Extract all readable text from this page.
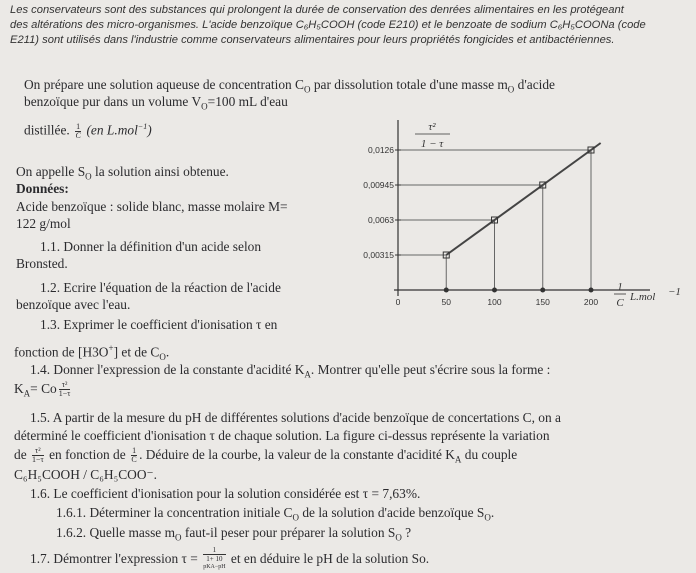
Les conservateurs sont des substances qui prolongent la durée de conservation des denrées alimentaires en les protégeant

des altérations des micro-organismes. L'acide benzoïque C₆H₅COOH (code E210) et le benzoate de sodium C₆H₅COONa (code

E211) sont utilisés dans l'industrie comme conservateurs alimentaires pour leurs propriétés fongicides et antibactériennes.

On prépare une solution aqueuse de concentration $C_O$ par dissolution totale d'une masse $m_O$ d'acide
benzoïque pur dans un volume $V_O=100$ mL d'eau
distillée. $\frac{1}{C} (en$ L.mol$^{-1}$)
On appelle $S_O$ la solution ainsi obtenue.
Données:
Acide benzoïque : solide blanc, masse molaire M=
122 g/mol
1.1. Donner la définition d'un acide selon
Bronsted.
1.2. Ecrire l'équation de la réaction de l'acide
benzoïque avec l'eau.
1.3. Exprimer le coefficient d'ionisation τ en
fonction de [H3O+] et de $C_O$.
1.4. Donner l'expression de la constante d'acidité $K_A$. Montrer qu'elle peut s'écrire sous la forme :
$K_A= Co \frac{\text{τ²}}{1-\tau}$
1.5. A partir de la mesure du pH de différentes solutions d'acide benzoïque de concertations C, on a
déterminé le coefficient d'ionisation τ de chaque solution. La figure ci-dessus représente la variation
de $\frac{\text{τ²}}{1-\tau}$ en fonction de $\frac{1}{C}$ . Déduire de la courbe, la valeur de la constante d'acidité $K_A$ du couple
C₆H₅COOH / C₆H₅COO⁻.
1.6. Le coefficient d'ionisation pour la solution considérée est τ = 7,63%.
1.6.1. Déterminer la concentration initiale $C_O$ de la solution d'acide benzoïque $S_O$.
1.6.2. Quelle masse $m_O$ faut-il peser pour préparer la solution $S_O$ ?
1.7. Démontrer l'expression τ = 1
1+ 10
$^{pKA-pH}$ et en déduire le pH de la solution So.
0,00315
0,0063
0,00945
0,0126
0	50	100	150	200
τ²
1 − τ
1
C L.mol −1
